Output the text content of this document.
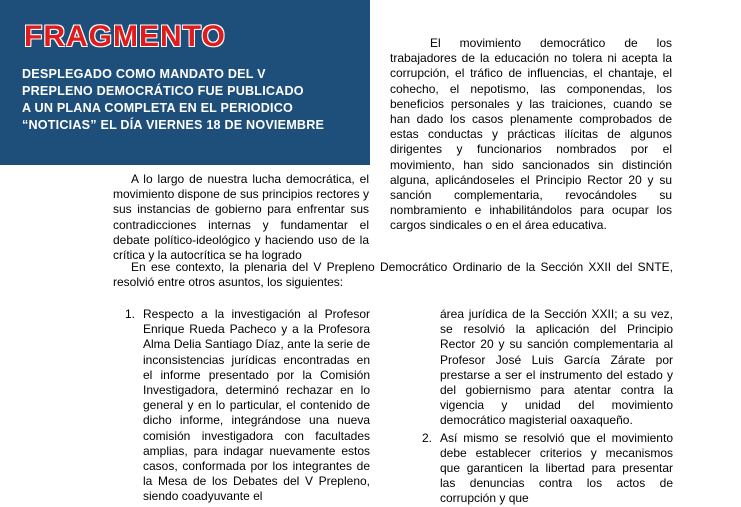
FRAGMENTO
DESPLEGADO COMO MANDATO DEL V
PREPLENO DEMOCRÁTICO FUE PUBLICADO
A UN PLANA COMPLETA EN EL PERIODICO
“NOTICIAS” EL DÍA VIERNES 18 DE NOVIEMBRE

El movimiento democrático de los trabajadores de la educación no tolera ni acepta la corrupción, el tráfico de influencias, el chantaje, el cohecho, el nepotismo, las componendas, los beneficios personales y las traiciones, cuando se han dado los casos plenamente comprobados de estas conductas y prácticas ilícitas de algunos dirigentes y funcionarios nombrados por el movimiento, han sido sancionados sin distinción alguna, aplicándoseles el Principio Rector 20 y su sanción complementaria, revocándoles su nombramiento e inhabilitándolos para ocupar los cargos sindicales o en el área educativa.

A lo largo de nuestra lucha democrática, el movimiento dispone de sus principios rectores y sus instancias de gobierno para enfrentar sus contradicciones internas y fundamentar el debate político-ideológico y haciendo uso de la crítica y la autocrítica se ha logrado

En ese contexto, la plenaria del V Prepleno Democrático Ordinario de la Sección XXII del SNTE, resolvió entre otros asuntos, los siguientes:

1. Respecto a la investigación al Profesor Enrique Rueda Pacheco y a la Profesora Alma Delia Santiago Díaz, ante la serie de inconsistencias jurídicas encontradas en el informe presentado por la Comisión Investigadora, determinó rechazar en lo general y en lo particular, el contenido de dicho informe, integrándose una nueva comisión investigadora con facultades amplias, para indagar nuevamente estos casos, conformada por los integrantes de la Mesa de los Debates del V Prepleno, siendo coadyuvante el

área jurídica de la Sección XXII; a su vez, se resolvió la aplicación del Principio Rector 20 y su sanción complementaria al Profesor José Luis García Zárate por prestarse a ser el instrumento del estado y del gobiernismo para atentar contra la vigencia y unidad del movimiento democrático magisterial oaxaqueño.

2. Así mismo se resolvió que el movimiento debe establecer criterios y mecanismos que garanticen la libertad para presentar las denuncias contra los actos de corrupción y que
